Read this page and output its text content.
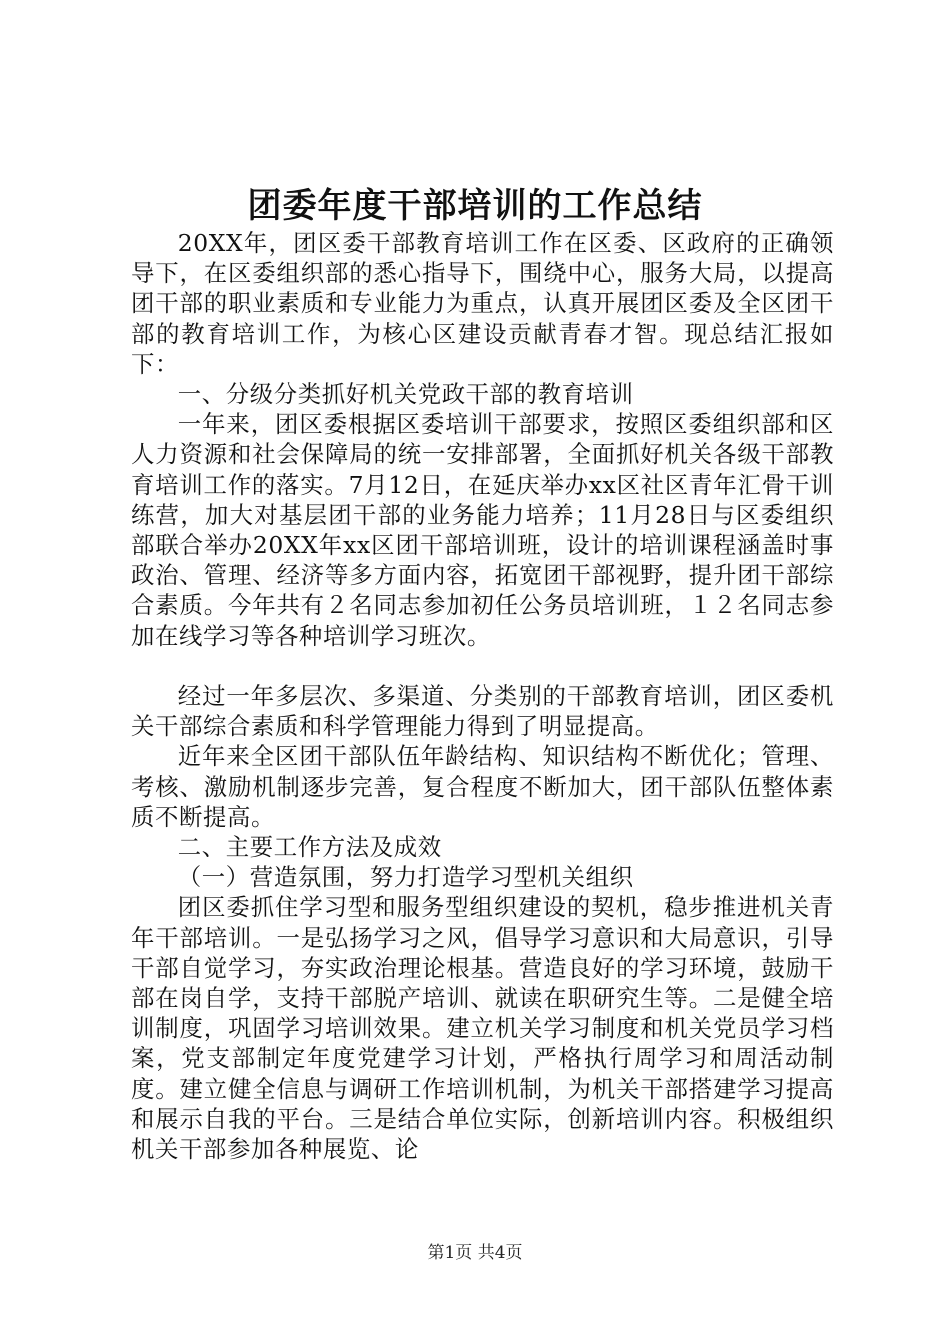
团委年度干部培训的工作总结

20XX年，团区委干部教育培训工作在区委、区政府的正确领导下，在区委组织部的悉心指导下，围绕中心，服务大局，以提高团干部的职业素质和专业能力为重点，认真开展团区委及全区团干部的教育培训工作，为核心区建设贡献青春才智。现总结汇报如下：

一、分级分类抓好机关党政干部的教育培训

一年来，团区委根据区委培训干部要求，按照区委组织部和区人力资源和社会保障局的统一安排部署，全面抓好机关各级干部教育培训工作的落实。7月12日，在延庆举办xx区社区青年汇骨干训练营，加大对基层团干部的业务能力培养；11月28日与区委组织部联合举办20XX年xx区团干部培训班，设计的培训课程涵盖时事政治、管理、经济等多方面内容，拓宽团干部视野，提升团干部综合素质。今年共有２名同志参加初任公务员培训班，１２名同志参加在线学习等各种培训学习班次。

经过一年多层次、多渠道、分类别的干部教育培训，团区委机关干部综合素质和科学管理能力得到了明显提高。

近年来全区团干部队伍年龄结构、知识结构不断优化；管理、考核、激励机制逐步完善，复合程度不断加大，团干部队伍整体素质不断提高。

二、主要工作方法及成效

（一）营造氛围，努力打造学习型机关组织

团区委抓住学习型和服务型组织建设的契机，稳步推进机关青年干部培训。一是弘扬学习之风，倡导学习意识和大局意识，引导干部自觉学习，夯实政治理论根基。营造良好的学习环境，鼓励干部在岗自学，支持干部脱产培训、就读在职研究生等。二是健全培训制度，巩固学习培训效果。建立机关学习制度和机关党员学习档案，党支部制定年度党建学习计划，严格执行周学习和周活动制度。建立健全信息与调研工作培训机制，为机关干部搭建学习提高和展示自我的平台。三是结合单位实际，创新培训内容。积极组织机关干部参加各种展览、论

第1页 共4页
